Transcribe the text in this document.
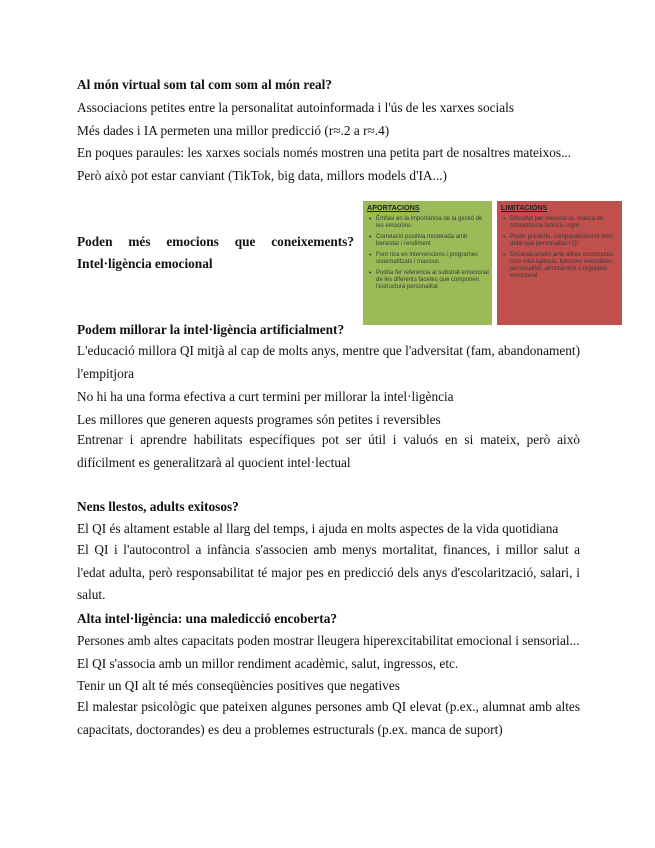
Al món virtual som tal com som al món real?
Associacions petites entre la personalitat autoinformada i l'ús de les xarxes socials
Més dades i IA permeten una millor predicció (r≈.2 a r≈.4)
En poques paraules: les xarxes socials només mostren una petita part de nosaltres mateixos...
Però això pot estar canviant (TikTok, big data, millors models d'IA...)
Poden més emocions que coneixements?
Intel·ligència emocional
APORTACIONS
• Èmfasi en la importància de la gestió de les emocions
• Correlació positiva moderada amb benestar i rendiment
• Font rica en intervencions i programes sistematitzats i massius
• Podria fer referència al substrat emocional de les diferents facetes que componen l'estructura personalitat
LIMITACIONS
• Dificultat per mesurar-la, manca de consistència teòrica i rigor
• Poder predictiu, comparativament més dèbil que personalitat i QI
• Encavalcament amb altres constructes com intel·ligència, funcions executives, personalitat, afrontament o regulació emocional
Podem millorar la intel·ligència artificialment?
L'educació millora QI mitjà al cap de molts anys, mentre que l'adversitat (fam, abandonament) l'empitjora
No hi ha una forma efectiva a curt termini per millorar la intel·ligència
Les millores que generen aquests programes són petites i reversibles
Entrenar i aprendre habilitats específiques pot ser útil i valuós en si mateix, però això difícilment es generalitzarà al quocient intel·lectual
Nens llestos, adults exitosos?
El QI és altament estable al llarg del temps, i ajuda en molts aspectes de la vida quotidiana
El QI i l'autocontrol a infància s'associen amb menys mortalitat, finances, i millor salut a l'edat adulta, però responsabilitat té major pes en predicció dels anys d'escolarització, salari, i salut.
Alta intel·ligència: una maledicció encoberta?
Persones amb altes capacitats poden mostrar lleugera hiperexcitabilitat emocional i sensorial...
El QI s'associa amb un millor rendiment acadèmic, salut, ingressos, etc.
Tenir un QI alt té més conseqüències positives que negatives
El malestar psicològic que pateixen algunes persones amb QI elevat (p.ex., alumnat amb altes capacitats, doctorandes) es deu a problemes estructurals (p.ex. manca de suport)
